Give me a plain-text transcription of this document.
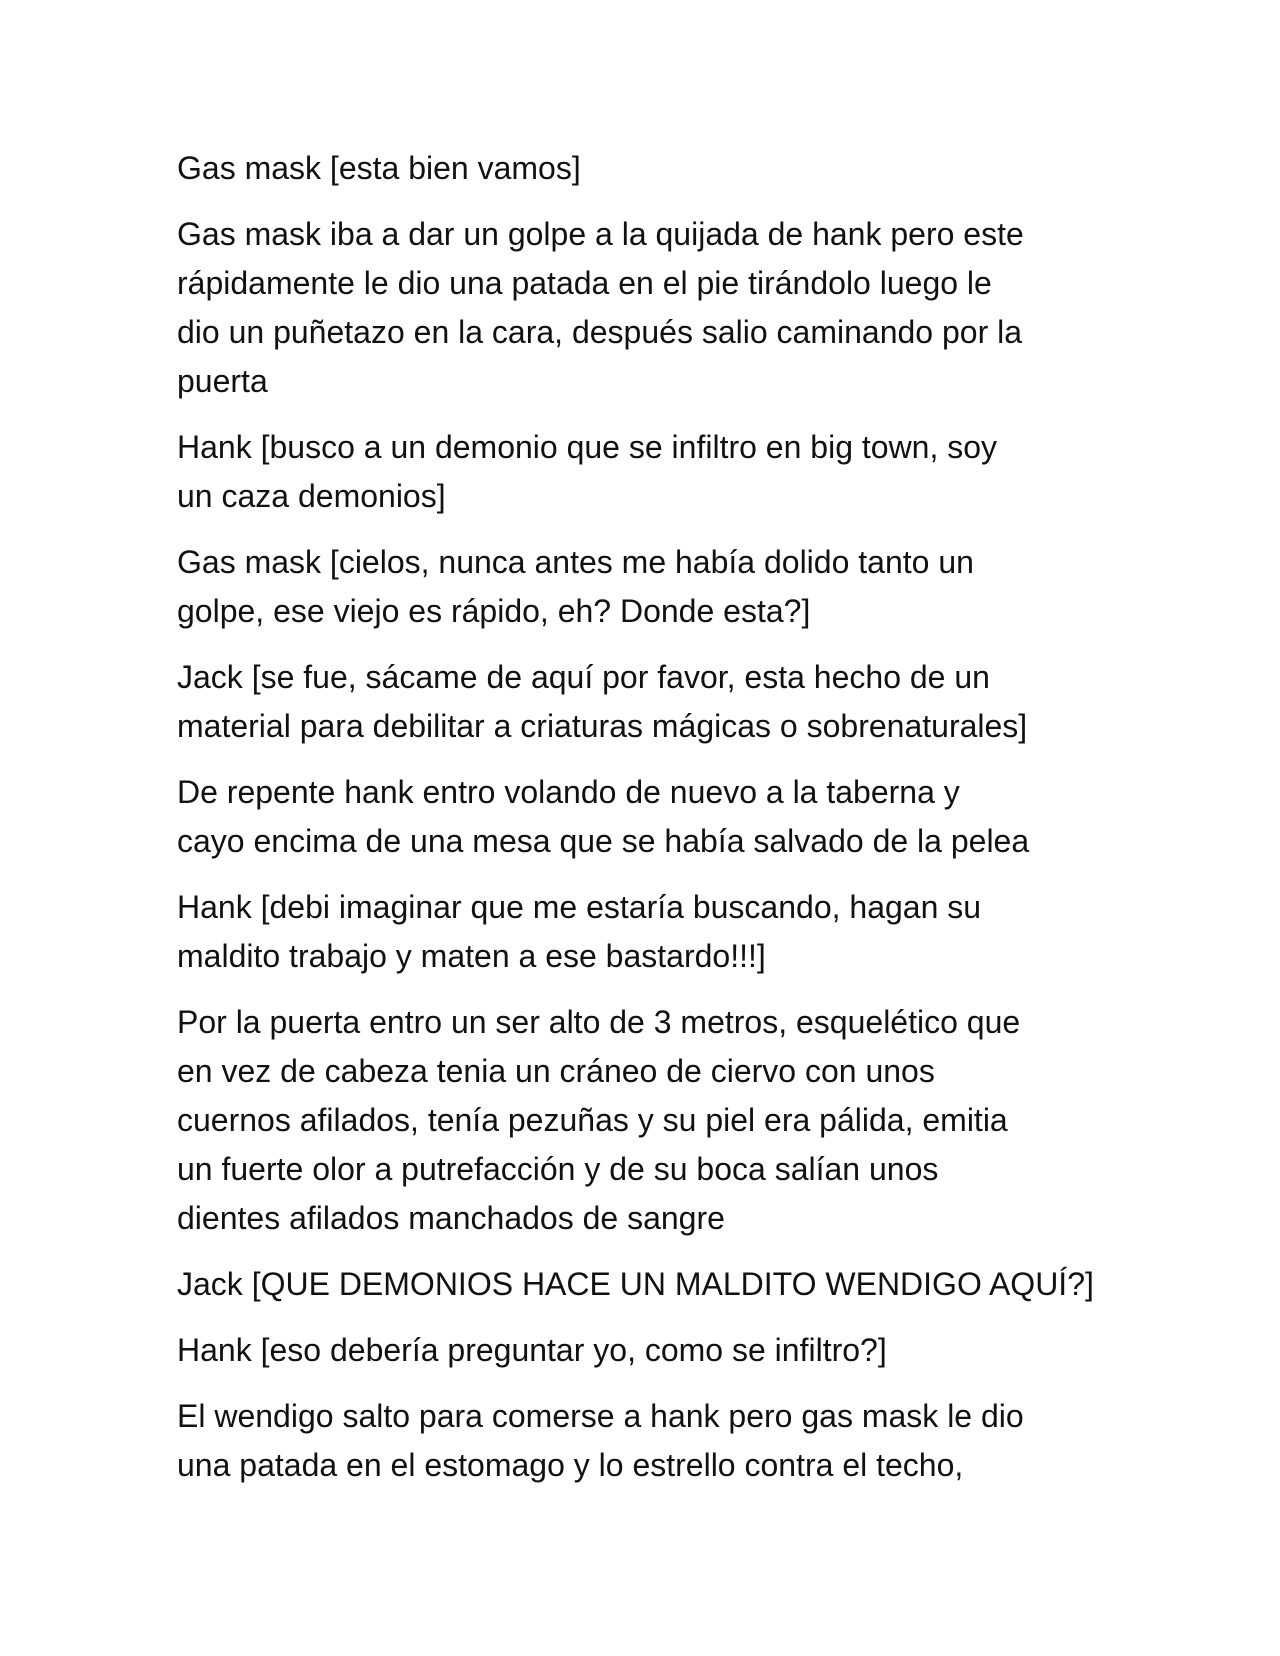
Gas mask [esta bien vamos]

Gas mask iba a dar un golpe a la quijada de hank pero este
rápidamente le dio una patada en el pie tirándolo luego le
dio un puñetazo en la cara, después salio caminando por la
puerta

Hank [busco a un demonio que se infiltro en big town, soy
un caza demonios]

Gas mask [cielos, nunca antes me había dolido tanto un
golpe, ese viejo es rápido, eh? Donde esta?]

Jack [se fue, sácame de aquí por favor, esta hecho de un
material para debilitar a criaturas mágicas o sobrenaturales]

De repente hank entro volando de nuevo a la taberna y
cayo encima de una mesa que se había salvado de la pelea

Hank [debi imaginar que me estaría buscando, hagan su
maldito trabajo y maten a ese bastardo!!!]

Por la puerta entro un ser alto de 3 metros, esquelético que
en vez de cabeza tenia un cráneo de ciervo con unos
cuernos afilados, tenía pezuñas y su piel era pálida, emitia
un fuerte olor a putrefacción y de su boca salían unos
dientes afilados manchados de sangre

Jack [QUE DEMONIOS HACE UN MALDITO WENDIGO AQUÍ?]

Hank [eso debería preguntar yo, como se infiltro?]

El wendigo salto para comerse a hank pero gas mask le dio
una patada en el estomago y lo estrello contra el techo,
